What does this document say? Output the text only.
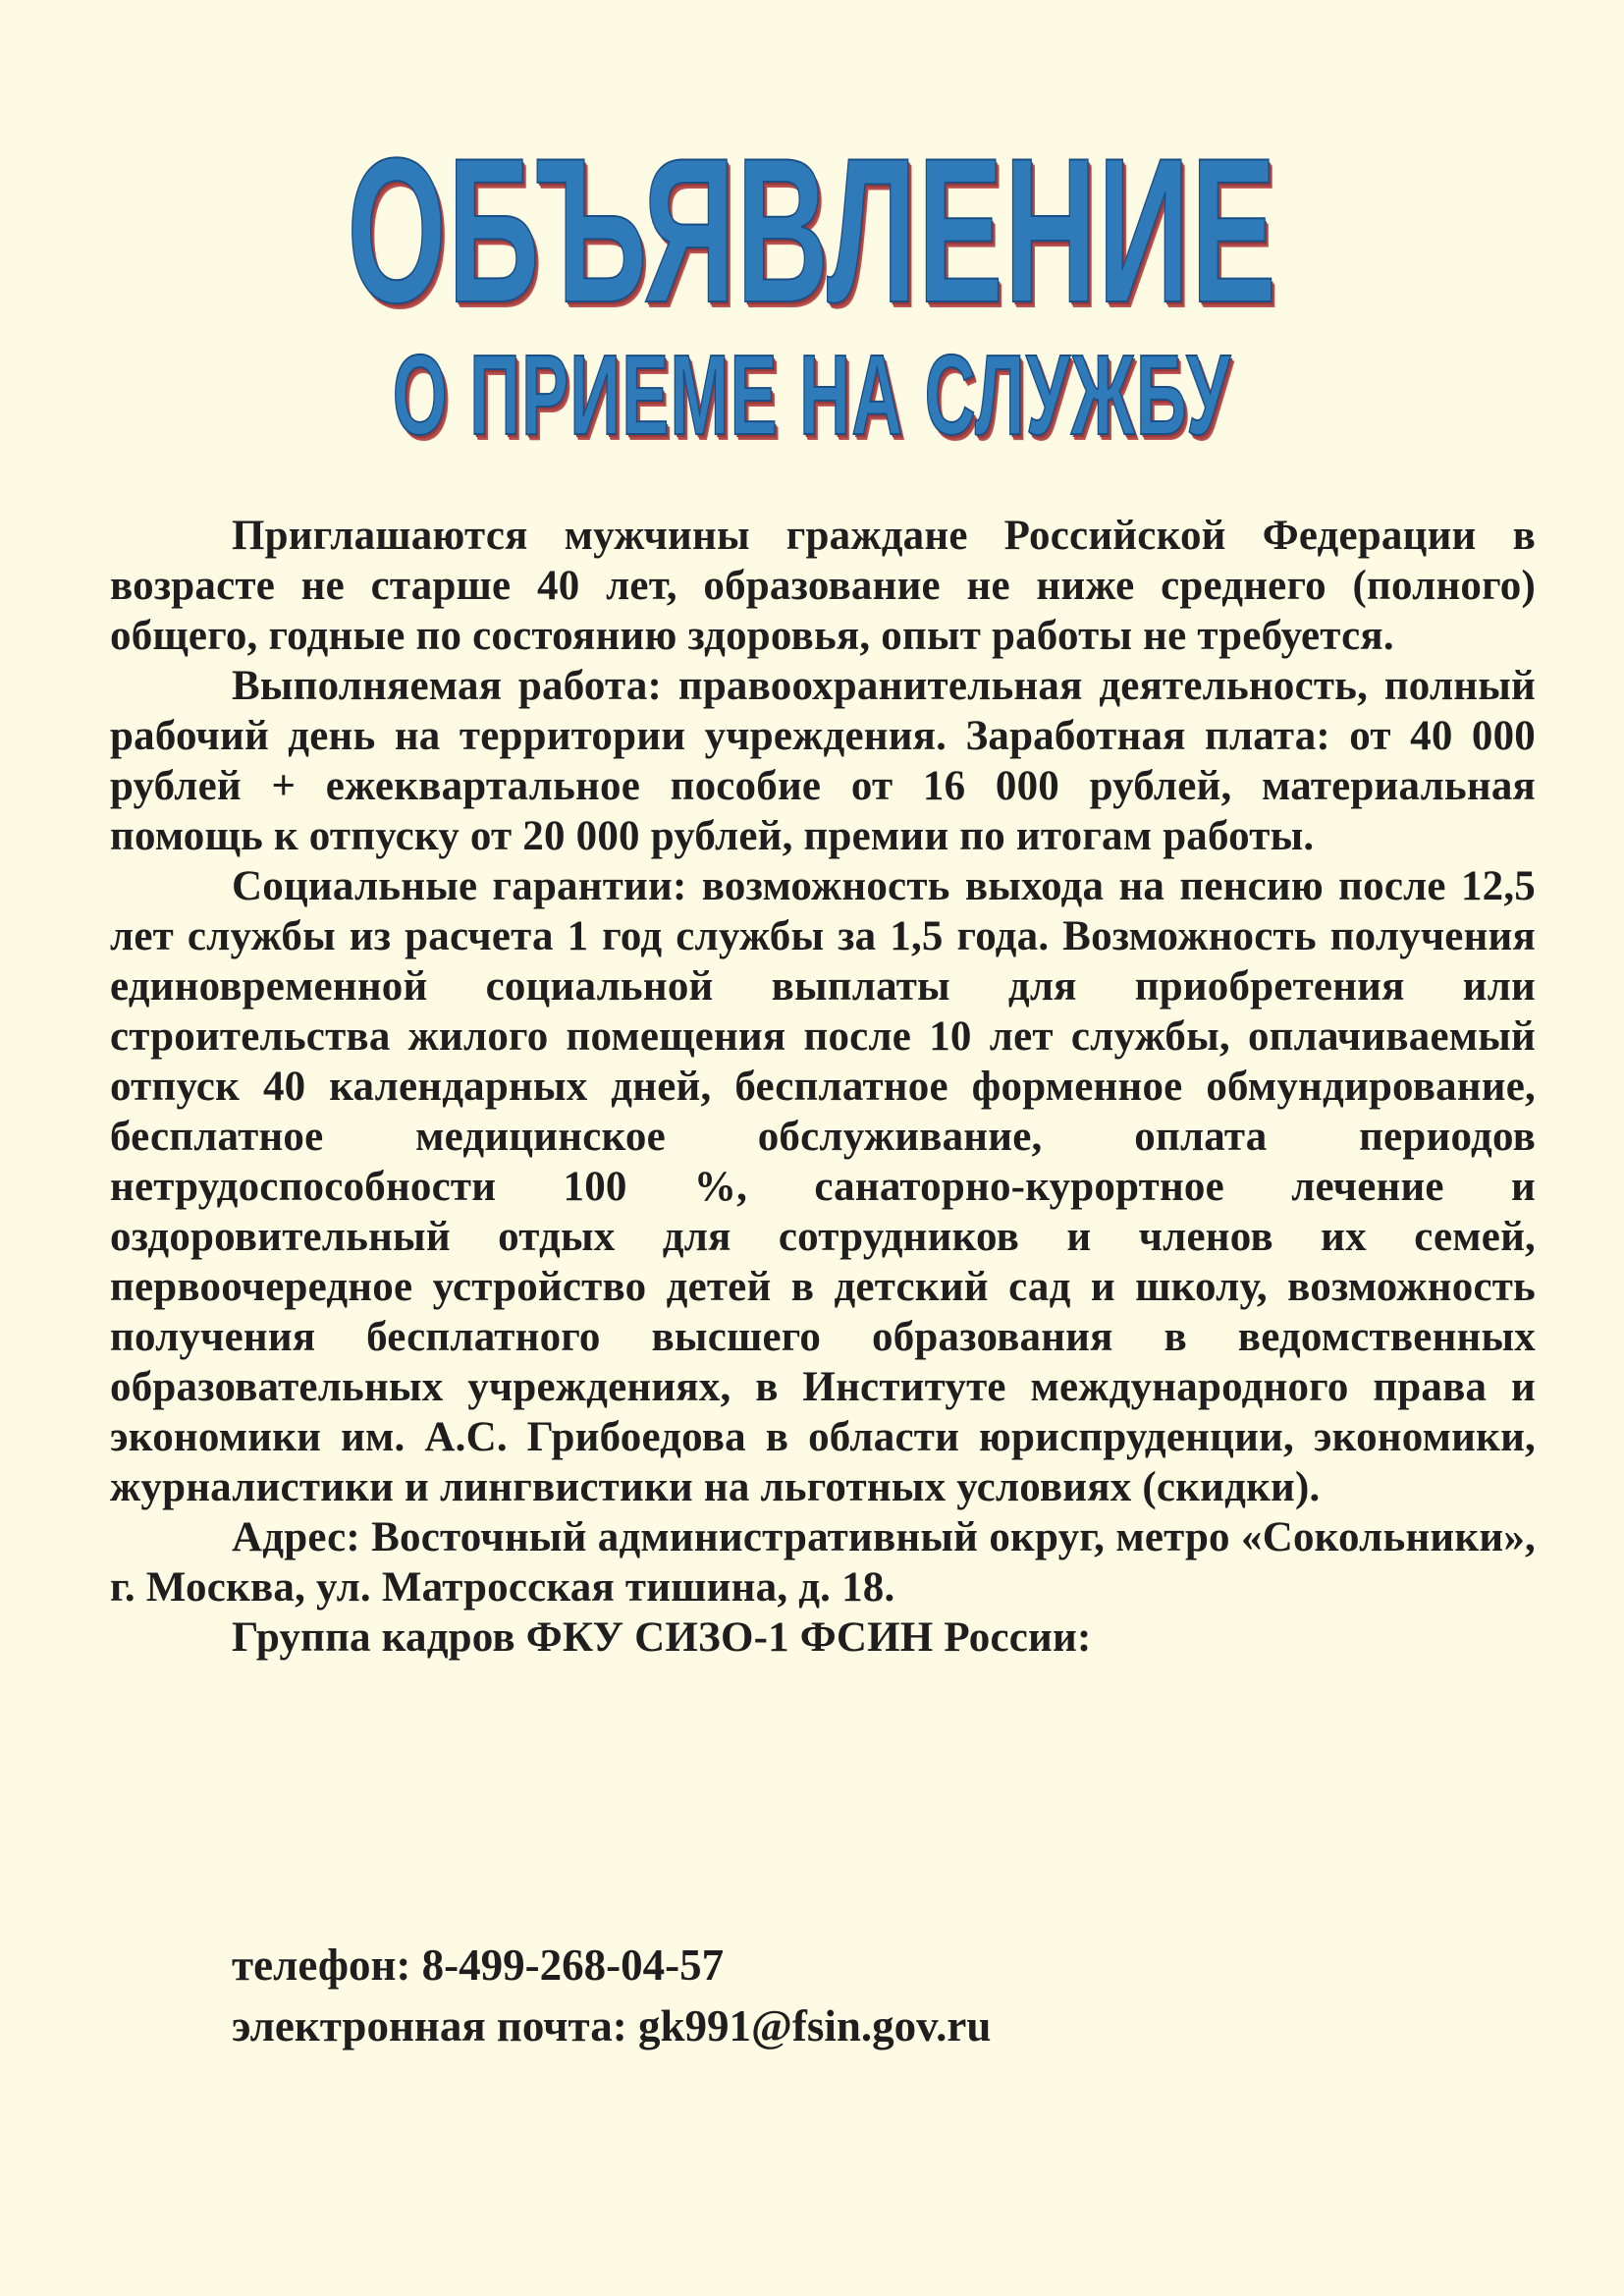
ОБЪЯВЛЕНИЕ
О ПРИЕМЕ НА СЛУЖБУ

Приглашаются мужчины граждане Российской Федерации в возрасте не старше 40 лет, образование не ниже среднего (полного) общего, годные по состоянию здоровья, опыт работы не требуется.

Выполняемая работа: правоохранительная деятельность, полный рабочий день на территории учреждения. Заработная плата: от 40 000 рублей + ежеквартальное пособие от 16 000 рублей, материальная помощь к отпуску от 20 000 рублей, премии по итогам работы.

Социальные гарантии: возможность выхода на пенсию после 12,5 лет службы из расчета 1 год службы за 1,5 года. Возможность получения единовременной социальной выплаты для приобретения или строительства жилого помещения после 10 лет службы, оплачиваемый отпуск 40 календарных дней, бесплатное форменное обмундирование, бесплатное медицинское обслуживание, оплата периодов нетрудоспособности 100 %, санаторно-курортное лечение и оздоровительный отдых для сотрудников и членов их семей, первоочередное устройство детей в детский сад и школу, возможность получения бесплатного высшего образования в ведомственных образовательных учреждениях, в Институте международного права и экономики им. А.С. Грибоедова в области юриспруденции, экономики, журналистики и лингвистики на льготных условиях (скидки).

Адрес: Восточный административный округ, метро «Сокольники», г. Москва, ул. Матросская тишина, д. 18.

Группа кадров ФКУ СИЗО-1 ФСИН России:

телефон: 8-499-268-04-57
электронная почта: gk991@fsin.gov.ru
